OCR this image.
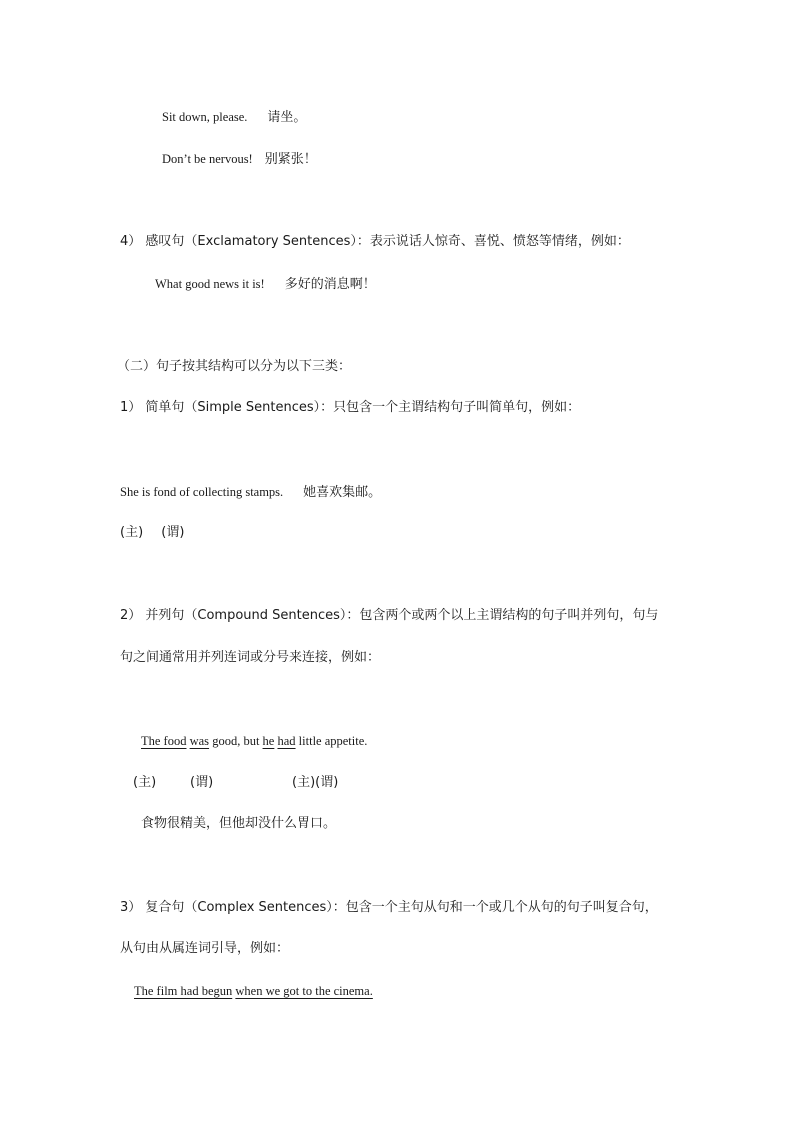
Sit down, please. 请坐。
Don’t be nervous! 别紧张！
4） 感叹句（Exclamatory Sentences）：表示说话人惊奇、喜悦、愤怒等情绪，例如：
What good news it is! 多好的消息啊！
（二）句子按其结构可以分为以下三类：
1） 简单句（Simple Sentences）：只包含一个主谓结构句子叫简单句，例如：
She is fond of collecting stamps. 她喜欢集邮。
(主) (谓)
2） 并列句（Compound Sentences）：包含两个或两个以上主谓结构的句子叫并列句，句与
句之间通常用并列连词或分号来连接，例如：
The food was good, but he had little appetite.
(主)	(谓)	(主)(谓)
食物很精美，但他却没什么胃口。
3） 复合句（Complex Sentences）：包含一个主句从句和一个或几个从句的句子叫复合句，
从句由从属连词引导，例如：
The film had begun when we got to the cinema.
